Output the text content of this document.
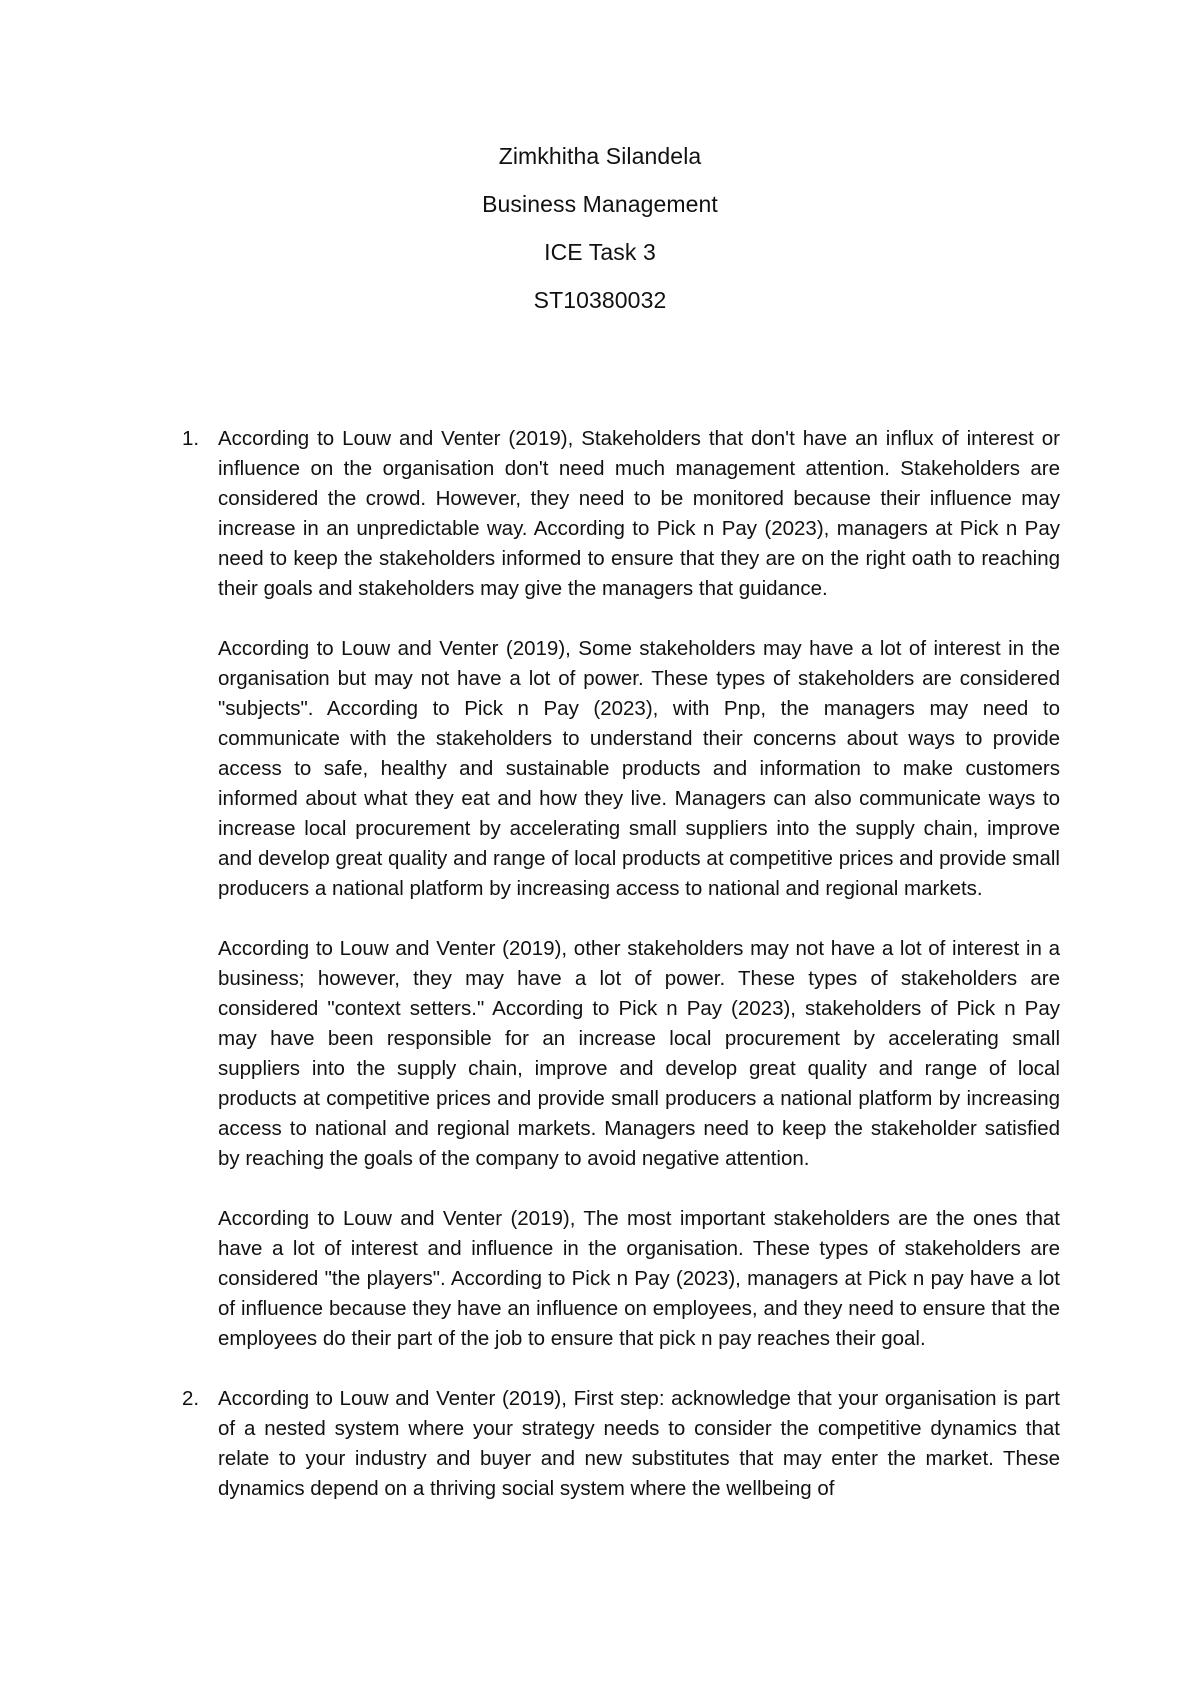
Zimkhitha Silandela
Business Management
ICE Task 3
ST10380032
1. According to Louw and Venter (2019), Stakeholders that don't have an influx of interest or influence on the organisation don't need much management attention. Stakeholders are considered the crowd. However, they need to be monitored because their influence may increase in an unpredictable way. According to Pick n Pay (2023), managers at Pick n Pay need to keep the stakeholders informed to ensure that they are on the right oath to reaching their goals and stakeholders may give the managers that guidance.

According to Louw and Venter (2019), Some stakeholders may have a lot of interest in the organisation but may not have a lot of power. These types of stakeholders are considered "subjects". According to Pick n Pay (2023), with Pnp, the managers may need to communicate with the stakeholders to understand their concerns about ways to provide access to safe, healthy and sustainable products and information to make customers informed about what they eat and how they live. Managers can also communicate ways to increase local procurement by accelerating small suppliers into the supply chain, improve and develop great quality and range of local products at competitive prices and provide small producers a national platform by increasing access to national and regional markets.

According to Louw and Venter (2019), other stakeholders may not have a lot of interest in a business; however, they may have a lot of power. These types of stakeholders are considered "context setters." According to Pick n Pay (2023), stakeholders of Pick n Pay may have been responsible for an increase local procurement by accelerating small suppliers into the supply chain, improve and develop great quality and range of local products at competitive prices and provide small producers a national platform by increasing access to national and regional markets. Managers need to keep the stakeholder satisfied by reaching the goals of the company to avoid negative attention.

According to Louw and Venter (2019), The most important stakeholders are the ones that have a lot of interest and influence in the organisation. These types of stakeholders are considered "the players". According to Pick n Pay (2023), managers at Pick n pay have a lot of influence because they have an influence on employees, and they need to ensure that the employees do their part of the job to ensure that pick n pay reaches their goal.

2. According to Louw and Venter (2019), First step: acknowledge that your organisation is part of a nested system where your strategy needs to consider the competitive dynamics that relate to your industry and buyer and new substitutes that may enter the market. These dynamics depend on a thriving social system where the wellbeing of
